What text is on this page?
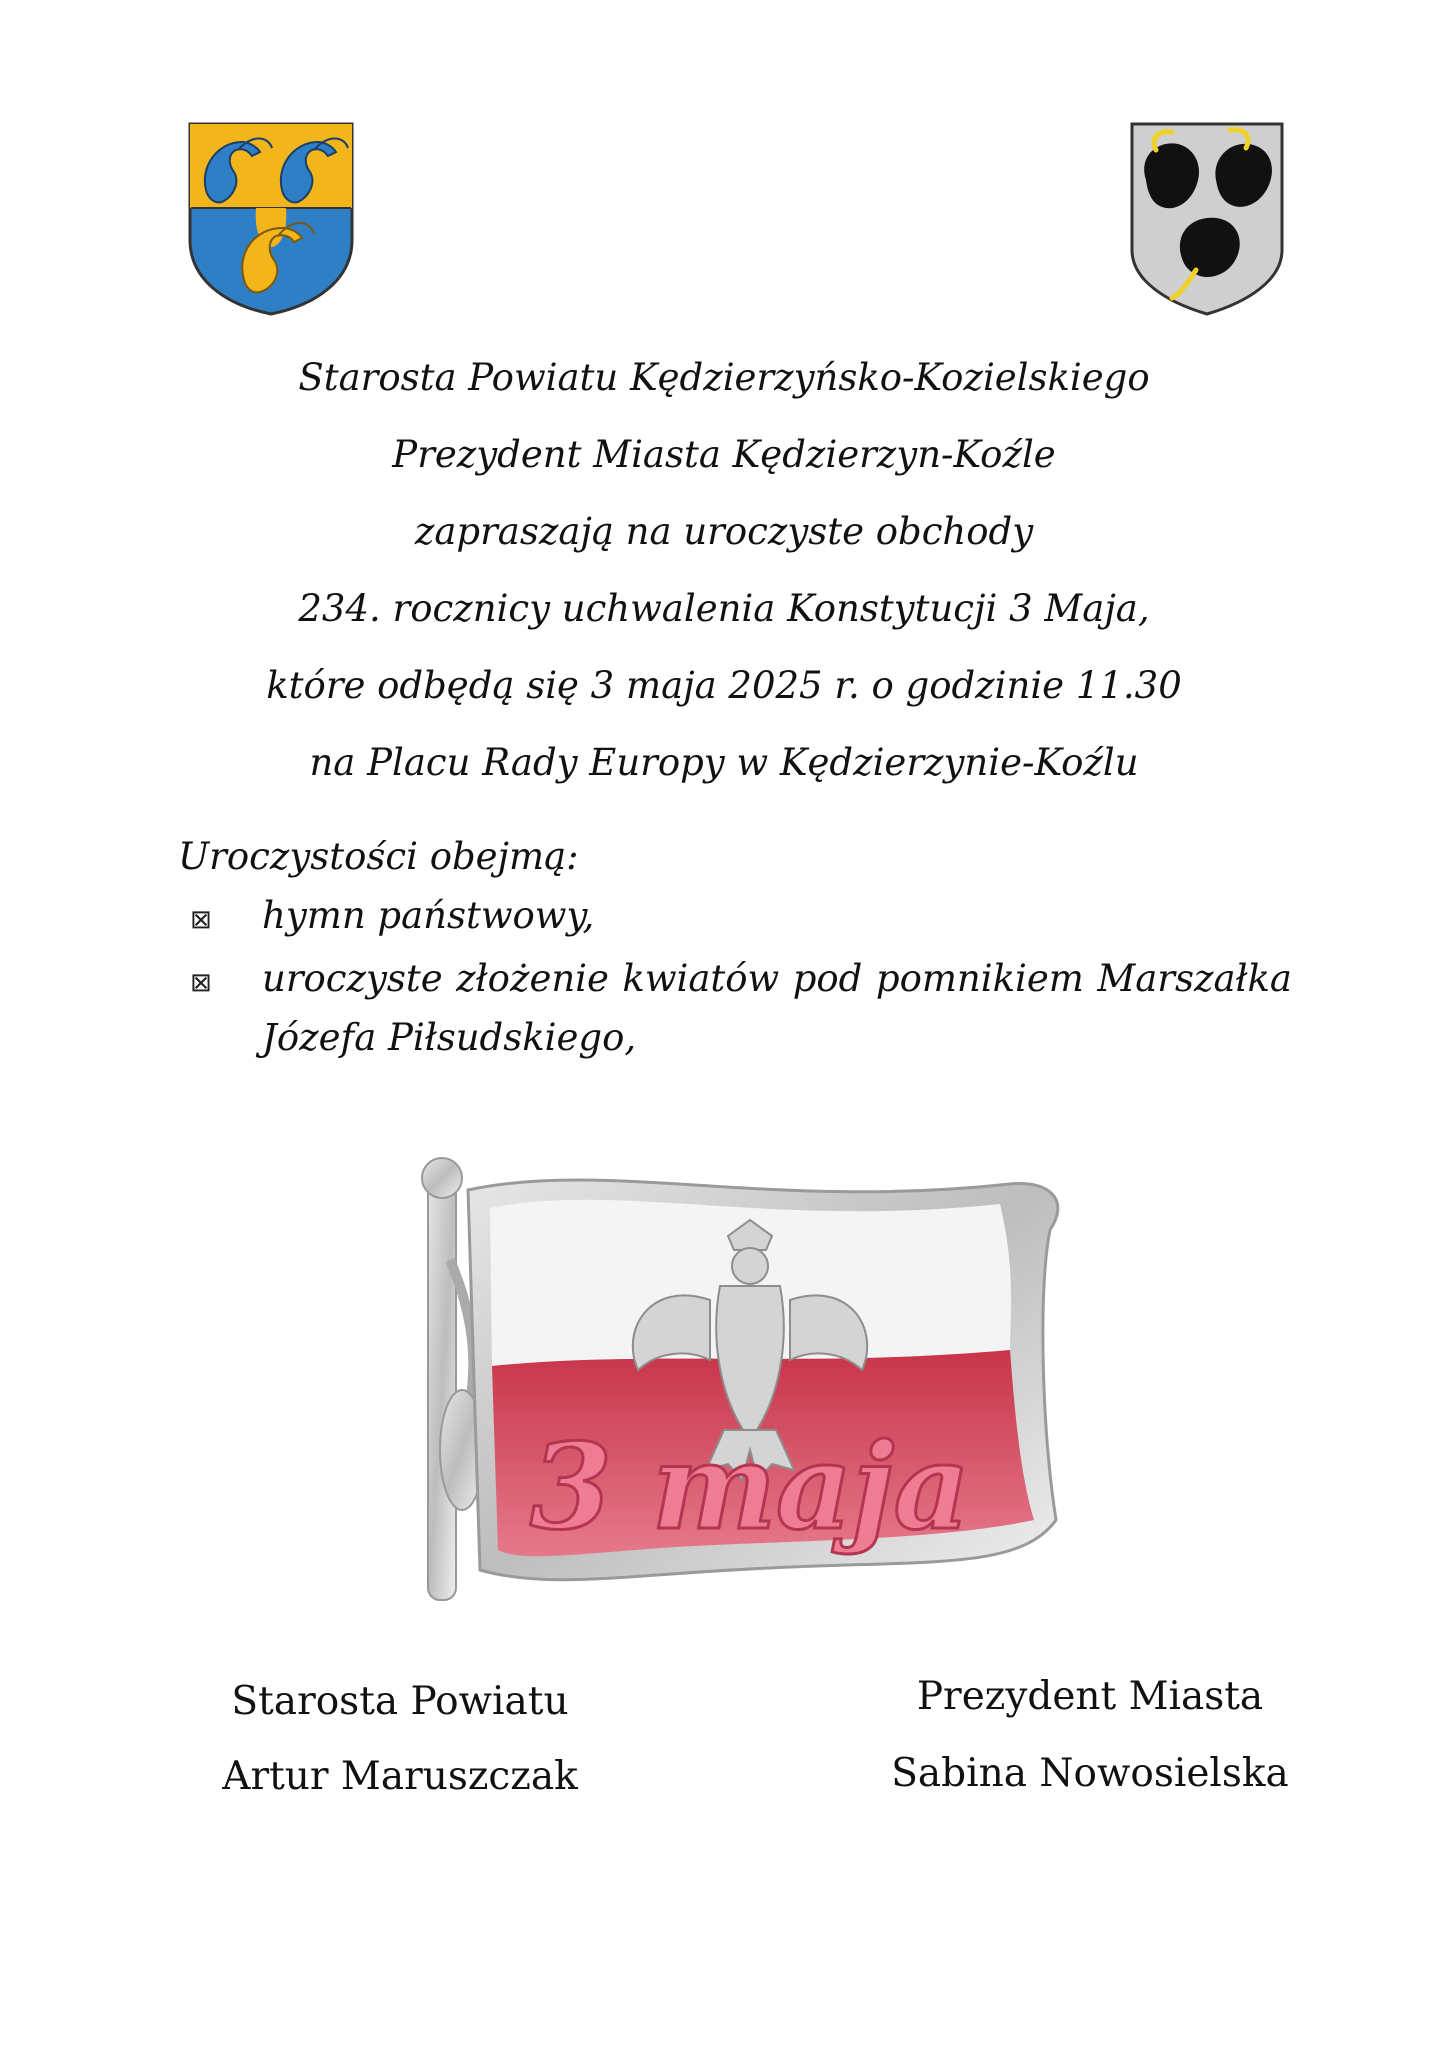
Starosta Powiatu Kędzierzyńsko-Kozielskiego
Prezydent Miasta Kędzierzyn-Koźle
zapraszają na uroczyste obchody
234. rocznicy uchwalenia Konstytucji 3 Maja,
które odbędą się 3 maja 2025 r. o godzinie 11.30
na Placu Rady Europy w Kędzierzynie-Koźlu
Uroczystości obejmą:
⊠ hymn państwowy,
⊠ uroczyste złożenie kwiatów pod pomnikiem Marszałka
Józefa Piłsudskiego,
3 maja
Starosta Powiatu
Artur Maruszczak
Prezydent Miasta
Sabina Nowosielska
